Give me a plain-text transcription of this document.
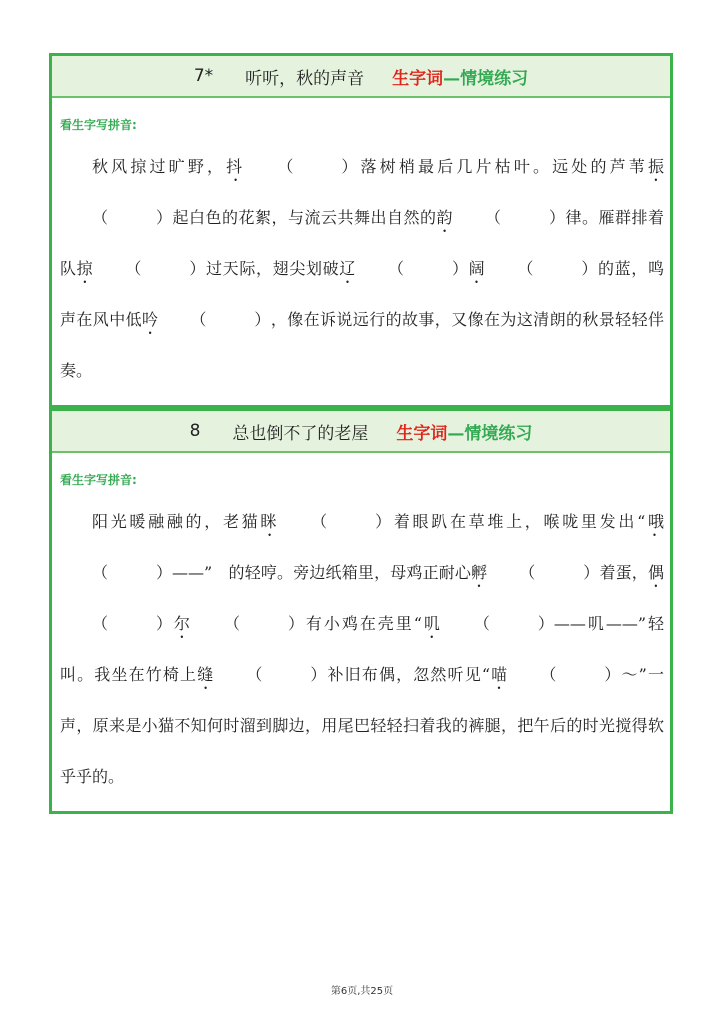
7* 听听，秋的声音 生字词 —情境练习
看生字写拼音:
秋风掠过旷野，抖 （　　　）落树梢最后几片枯叶。远处的芦苇振（　　　）起白色的花絮，与流云共舞出自然的韵 （　　　）律。雁群排着队掠 （　　　）过天际，翅尖划破辽 （　　　）阔 （　　　）的蓝，鸣声在风中低吟 （　　　），像在诉说远行的故事，又像在为这清朗的秋景轻轻伴奏。
8 总也倒不了的老屋 生字词 —情境练习
看生字写拼音:
阳光暖融融的，老猫眯 （　　　）着眼趴在草堆上，喉咙里发出“哦（　　　）——”　的轻哼。旁边纸箱里，母鸡正耐心孵 （　　　）着蛋，偶（　　　）尔 （　　　）有小鸡在壳里“叽 （　　　）——叽——”轻叫。我坐在竹椅上缝 （　　　）补旧布偶，忽然听见“喵 （　　　）～”一声，原来是小猫不知何时溜到脚边，用尾巴轻轻扫着我的裤腿，把午后的时光搅得软乎乎的。
第6页,共25页
